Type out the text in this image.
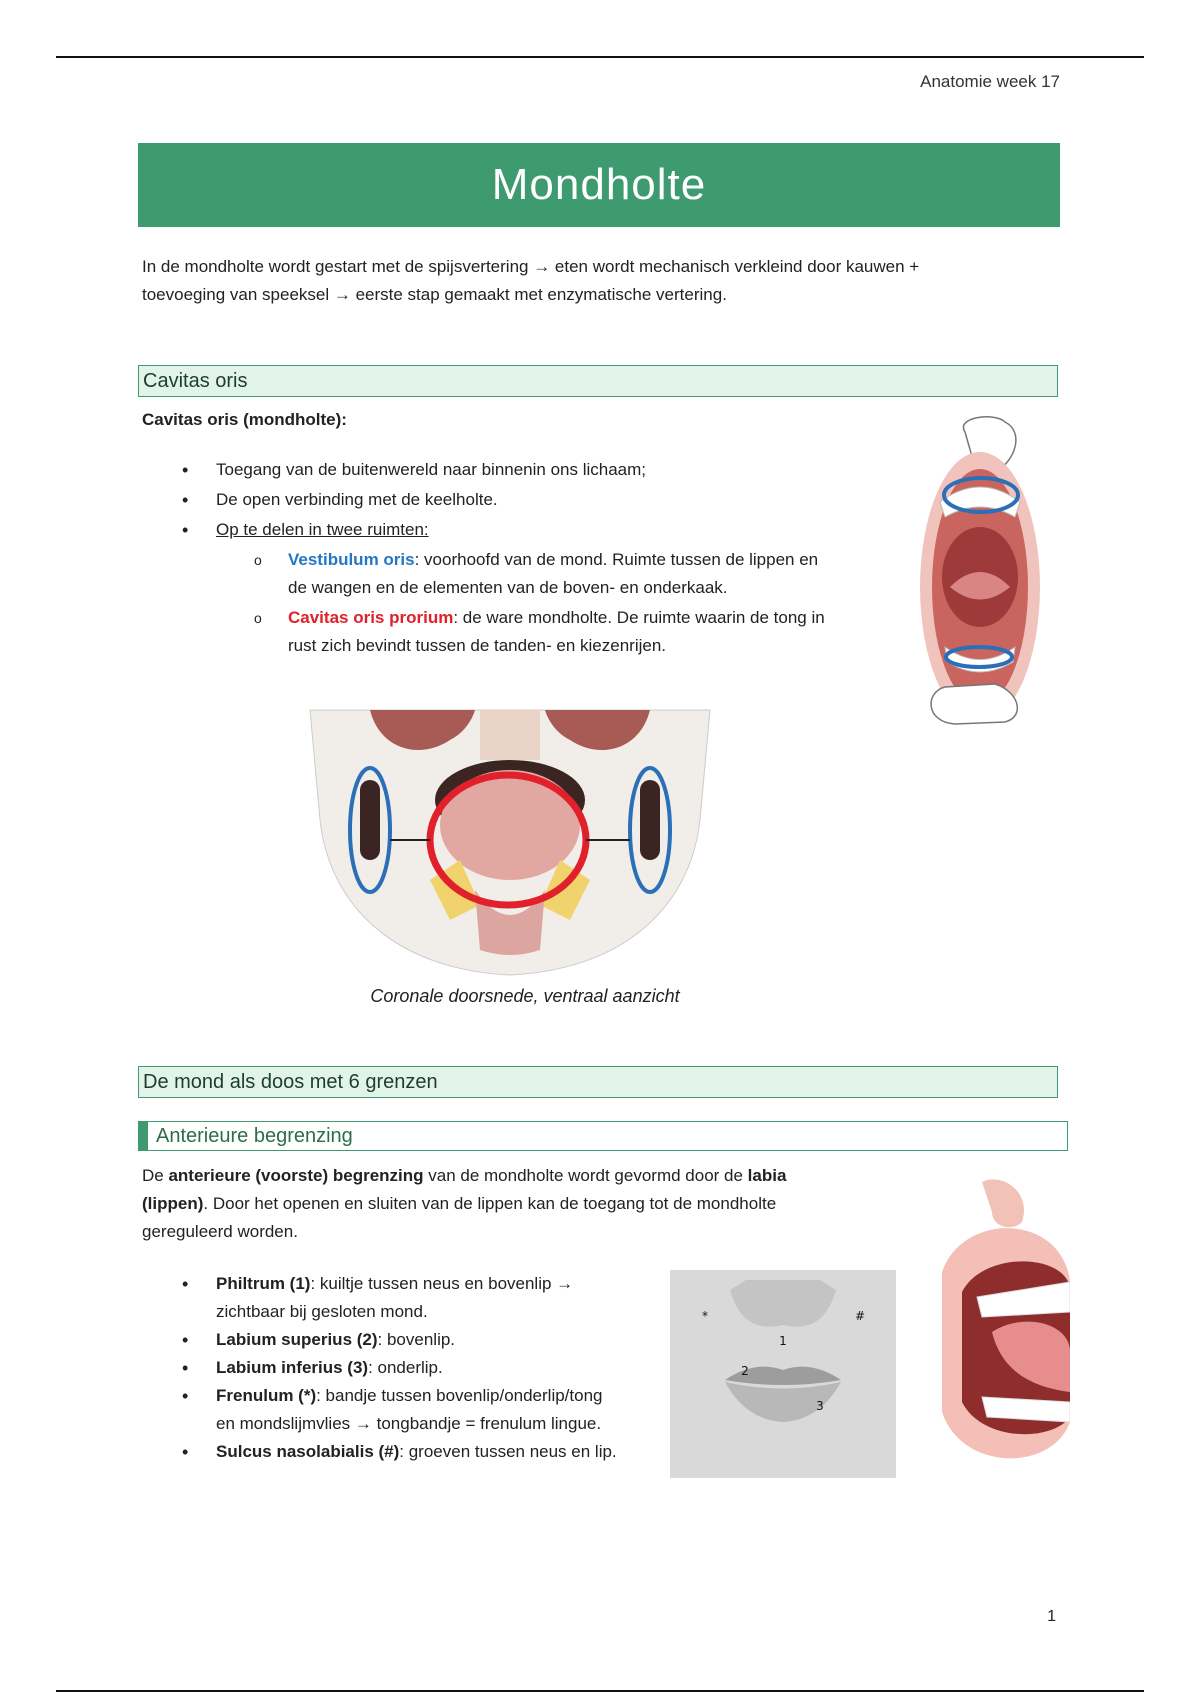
Anatomie week 17
Mondholte
In de mondholte wordt gestart met de spijsvertering → eten wordt mechanisch verkleind door kauwen +
toevoeging van speeksel → eerste stap gemaakt met enzymatische vertering.
Cavitas oris
Cavitas oris (mondholte):
• Toegang van de buitenwereld naar binnenin ons lichaam;
• De open verbinding met de keelholte.
• Op te delen in twee ruimten:
o Vestibulum oris: voorhoofd van de mond. Ruimte tussen de lippen en
de wangen en de elementen van de boven- en onderkaak.
o Cavitas oris prorium: de ware mondholte. De ruimte waarin de tong in
rust zich bevindt tussen de tanden- en kiezenrijen.
Coronale doorsnede, ventraal aanzicht
De mond als doos met 6 grenzen
Anterieure begrenzing
De anterieure (voorste) begrenzing van de mondholte wordt gevormd door de labia
(lippen). Door het openen en sluiten van de lippen kan de toegang tot de mondholte
gereguleerd worden.
• Philtrum (1): kuiltje tussen neus en bovenlip →
zichtbaar bij gesloten mond.
• Labium superius (2): bovenlip.
• Labium inferius (3): onderlip.
• Frenulum (*): bandje tussen bovenlip/onderlip/tong
en mondslijmvlies → tongbandje = frenulum lingue.
• Sulcus nasolabialis (#): groeven tussen neus en lip.
1
2
3
*	#
1
